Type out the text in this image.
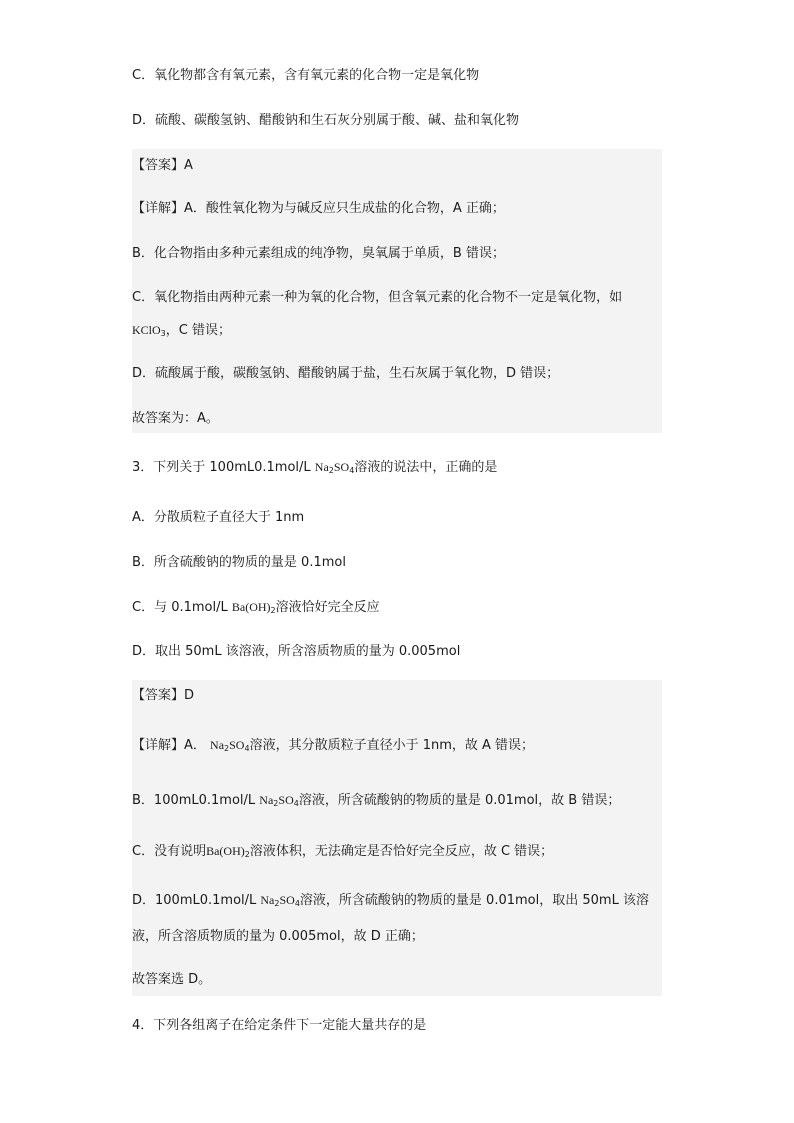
C．氧化物都含有氧元素，含有氧元素的化合物一定是氧化物
D．硫酸、碳酸氢钠、醋酸钠和生石灰分别属于酸、碱、盐和氧化物
【答案】A
【详解】A．酸性氧化物为与碱反应只生成盐的化合物，A 正确；
B．化合物指由多种元素组成的纯净物，臭氧属于单质，B 错误；
C．氧化物指由两种元素一种为氧的化合物，但含氧元素的化合物不一定是氧化物，如
KClO$_3$，C 错误；
D．硫酸属于酸，碳酸氢钠、醋酸钠属于盐，生石灰属于氧化物，D 错误；
故答案为：A。
3．下列关于 100mL0.1mol/L $Na_2SO_4$溶液的说法中，正确的是
A．分散质粒子直径大于 1nm
B．所含硫酸钠的物质的量是 0.1mol
C．与 0.1mol/L $Ba(OH)_2$溶液恰好完全反应
D．取出 50mL 该溶液，所含溶质物质的量为 0.005mol
【答案】D
【详解】A． $Na_2SO_4$溶液，其分散质粒子直径小于 1nm，故 A 错误；
B．100mL0.1mol/L $Na_2SO_4$溶液，所含硫酸钠的物质的量是 0.01mol，故 B 错误；
C．没有说明$Ba(OH)_2$溶液体积，无法确定是否恰好完全反应，故 C 错误；
D．100mL0.1mol/L $Na_2SO_4$溶液，所含硫酸钠的物质的量是 0.01mol，取出 50mL 该溶
液，所含溶质物质的量为 0.005mol，故 D 正确；
故答案选 D。
4．下列各组离子在给定条件下一定能大量共存的是
